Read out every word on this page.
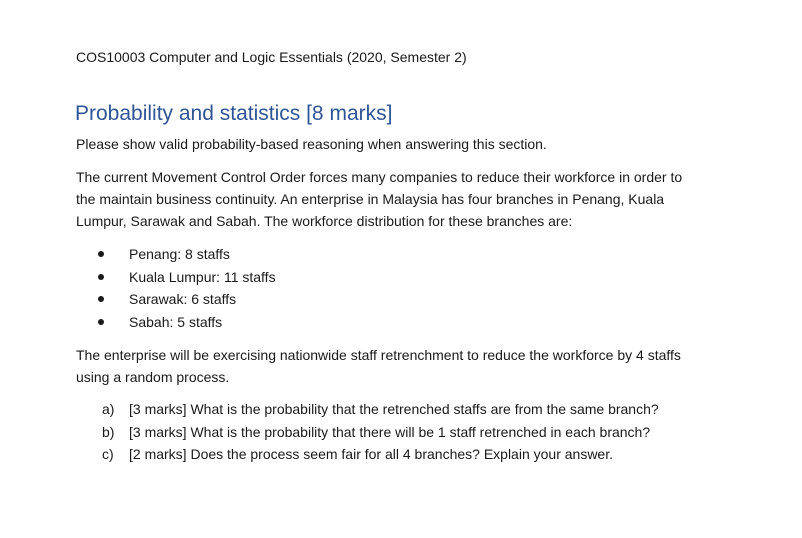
COS10003 Computer and Logic Essentials (2020, Semester 2)
Probability and statistics [8 marks]
Please show valid probability-based reasoning when answering this section.
The current Movement Control Order forces many companies to reduce their workforce in order to
the maintain business continuity. An enterprise in Malaysia has four branches in Penang, Kuala
Lumpur, Sarawak and Sabah. The workforce distribution for these branches are:
Penang: 8 staffs
Kuala Lumpur: 11 staffs
Sarawak: 6 staffs
Sabah: 5 staffs
The enterprise will be exercising nationwide staff retrenchment to reduce the workforce by 4 staffs
using a random process.
a) [3 marks] What is the probability that the retrenched staffs are from the same branch?
b) [3 marks] What is the probability that there will be 1 staff retrenched in each branch?
c) [2 marks] Does the process seem fair for all 4 branches? Explain your answer.
